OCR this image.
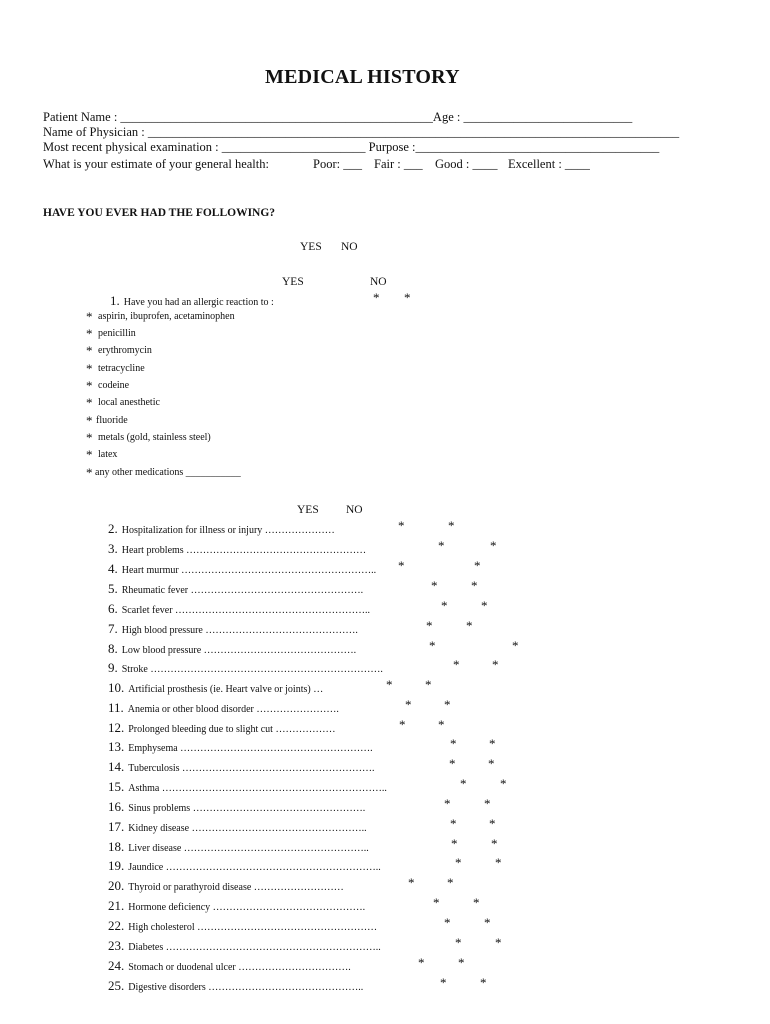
MEDICAL HISTORY
Patient Name : __________________________________________________Age : ___________________________
Name of Physician : _____________________________________________________________________________________
Most recent physical examination : _______________________ Purpose :_______________________________________
What is your estimate of your general health:	Poor: ___ Fair : ___ Good : ____ Excellent : ____
HAVE YOU EVER HAD THE FOLLOWING?
YES NO
YES	NO
1. Have you had an allergic reaction to :	* *
* aspirin, ibuprofen, acetaminophen
* penicillin
* erythromycin
* tetracycline
* codeine
* local anesthetic
* fluoride
* metals (gold, stainless steel)
* latex
* any other medications ___________
YES NO
2. Hospitalization for illness or injury …………………	*	*
3. Heart problems ………………………………………………	*	*
4. Heart murmur ………………………………………………….. *	*
5. Rheumatic fever …………………………………………….	*	*
6. Scarlet fever …………………………………………………..	*	*
7. High blood pressure ……………………………………….	*	*
8. Low blood pressure ……………………………………….	*	*
9. Stroke …………………………………………………………….	*	*
10. Artificial prosthesis (ie. Heart valve or joints) …	*	*
11. Anemia or other blood disorder …………………….	*	*
12. Prolonged bleeding due to slight cut ………………	*	*
13. Emphysema ………………………………………………….	*	*
14. Tuberculosis ………………………………………………….	*	*
15. Asthma …………………………………………………………..	*	*
16. Sinus problems …………………………………………….	*	*
17. Kidney disease ……………………………………………..	*	*
18. Liver disease ………………………………………………..	*	*
19. Jaundice ………………………………………………………..	*	*
20. Thyroid or parathyroid disease ………………………	*	*
21. Hormone deficiency ……………………………………….	*	*
22. High cholesterol ………………………………………………	*	*
23. Diabetes ………………………………………………………..	*	*
24. Stomach or duodenal ulcer …………………………….	*	*
25. Digestive disorders ………………………………………..	*	*
